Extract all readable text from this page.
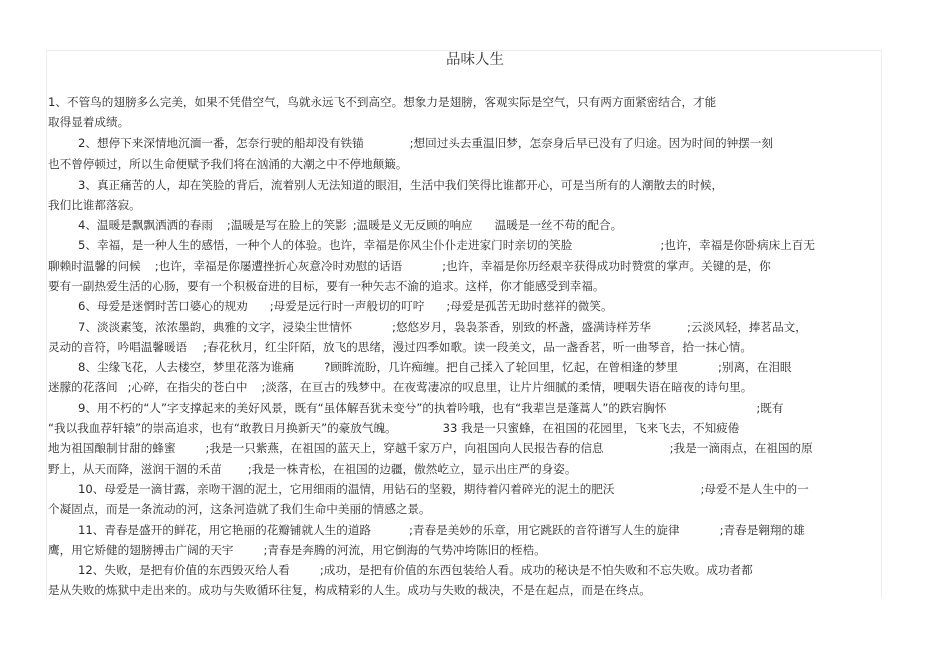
品味人生
1、不管鸟的翅膀多么完美，如果不凭借空气，鸟就永远飞不到高空。想象力是翅膀，客观实际是空气，只有两方面紧密结合，才能
取得显着成绩。
2、想停下来深情地沉湎一番，怎奈行驶的船却没有铁锚	;想回过头去重温旧梦，怎奈身后早已没有了归途。因为时间的钟摆一刻
也不曾停顿过，所以生命便赋予我们将在汹涌的大潮之中不停地颠簸。
3、真正痛苦的人，却在笑脸的背后，流着别人无法知道的眼泪，生活中我们笑得比谁都开心，可是当所有的人潮散去的时候，
我们比谁都落寂。
4、温暖是飘飘洒洒的春雨 ;温暖是写在脸上的笑影 ;温暖是义无反顾的响应 温暖是一丝不苟的配合。
5、幸福，是一种人生的感悟，一种个人的体验。也许，幸福是你风尘仆仆走进家门时亲切的笑脸	;也许，幸福是你卧病床上百无
聊赖时温馨的问候 ;也许，幸福是你屡遭挫折心灰意冷时劝慰的话语	;也许，幸福是你历经艰辛获得成功时赞赏的掌声。关键的是，你
要有一副热爱生活的心肠，要有一个积极奋进的目标，要有一种矢志不渝的追求。这样，你才能感受到幸福。
6、母爱是迷惘时苦口婆心的规劝 ;母爱是远行时一声般切的叮咛 ;母爱是孤苦无助时慈祥的微笑。
7、淡淡素笺，浓浓墨韵，典雅的文字，浸染尘世情怀	;悠悠岁月，袅袅茶香，别致的杯盏，盛满诗样芳华	;云淡风轻，捧茗品文，
灵动的音符，吟唱温馨暖语 ;春花秋月，红尘阡陌，放飞的思绪，漫过四季如歌。读一段美文，品一盏香茗，听一曲琴音，拾一抹心情。
8、尘缘飞花，人去楼空，梦里花落为谁痛	?顾眸流盼，几许痴缠。把自己揉入了轮回里，忆起，在曾相逢的梦里	;别离，在泪眼
迷朦的花落间 ;心碎，在指尖的苍白中 ;淡落，在亘古的残梦中。在夜莺凄凉的叹息里，让片片细腻的柔情，哽咽失语在暗夜的诗句里。
9、用不朽的“人”字支撑起来的美好风景，既有“虽体解吾犹未变兮”的执着吟哦，也有“我辈岂是蓬蒿人”的跌宕胸怀	;既有
“我以我血荐轩辕”的崇高追求，也有“敢教日月换新天”的豪放气魄。	33 我是一只蜜蜂，在祖国的花园里，飞来飞去，不知疲倦
地为祖国酿制甘甜的蜂蜜	;我是一只紫燕，在祖国的蓝天上，穿越千家万户，向祖国向人民报告春的信息	;我是一滴雨点，在祖国的原
野上，从天而降，滋润干涸的禾苗 ;我是一株青松，在祖国的边疆，傲然屹立，显示出庄严的身姿。
10、母爱是一滴甘露，亲吻干涸的泥土，它用细雨的温情，用钻石的坚毅，期待着闪着碎光的泥土的肥沃	;母爱不是人生中的一
个凝固点，而是一条流动的河，这条河造就了我们生命中美丽的情感之景。
11、青春是盛开的鲜花，用它艳丽的花瓣铺就人生的道路	;青春是美妙的乐章，用它跳跃的音符谱写人生的旋律	;青春是翱翔的雄
鹰，用它矫健的翅膀搏击广阔的天宇	;青春是奔腾的河流，用它倒海的气势冲垮陈旧的桎梏。
12、失败，是把有价值的东西毁灭给人看	;成功，是把有价值的东西包装给人看。成功的秘诀是不怕失败和不忘失败。成功者都
是从失败的炼狱中走出来的。成功与失败循环往复，构成精彩的人生。成功与失败的裁决，不是在起点，而是在终点。
